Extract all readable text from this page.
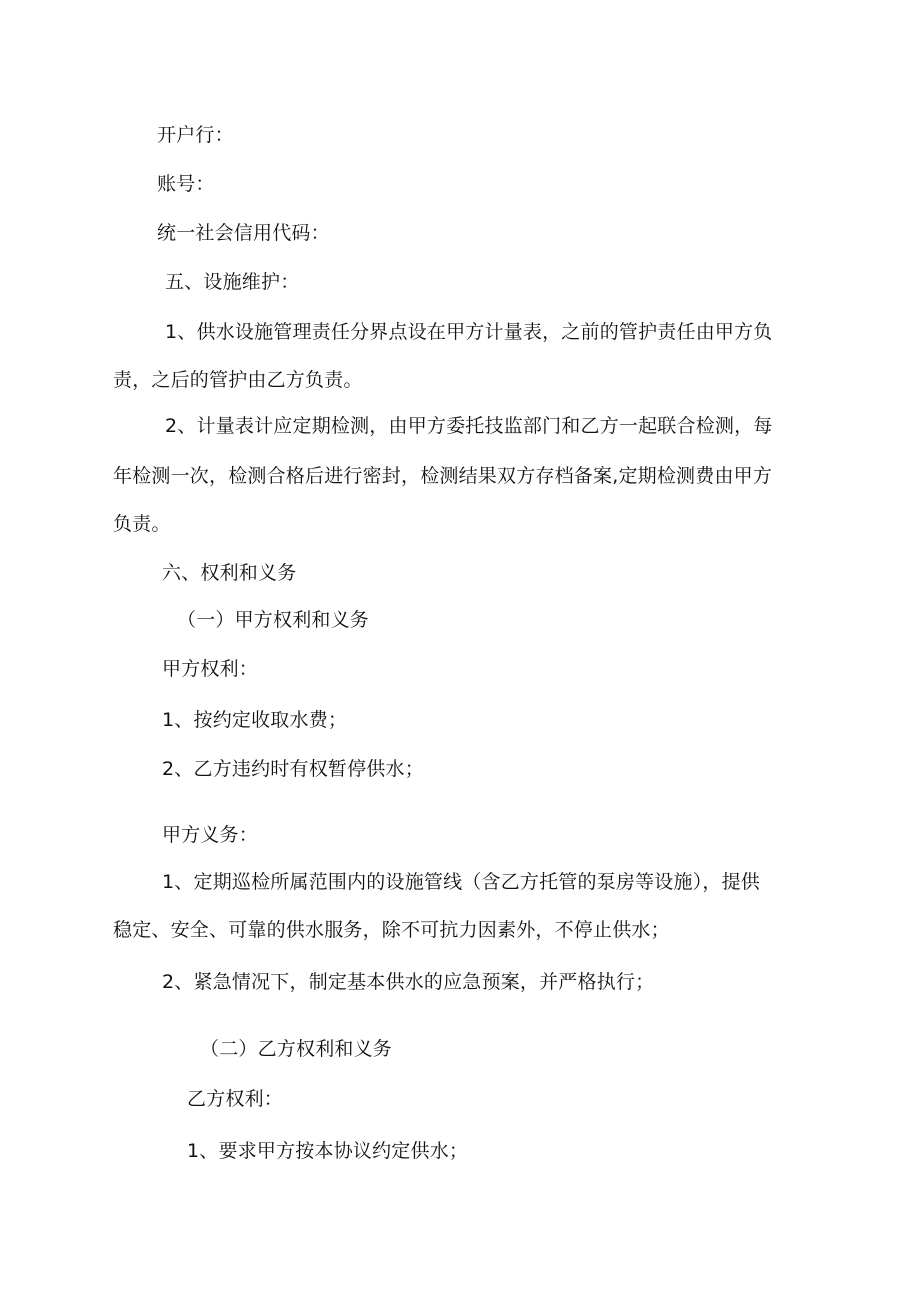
开户行：
账号：
统一社会信用代码：
五、设施维护：
1、供水设施管理责任分界点设在甲方计量表，之前的管护责任由甲方负
责，之后的管护由乙方负责。
2、计量表计应定期检测，由甲方委托技监部门和乙方一起联合检测，每
年检测一次，检测合格后进行密封，检测结果双方存档备案,定期检测费由甲方
负责。
六、权利和义务
（一）甲方权利和义务
甲方权利：
1、按约定收取水费；
2、乙方违约时有权暂停供水；
甲方义务：
1、定期巡检所属范围内的设施管线（含乙方托管的泵房等设施），提供
稳定、安全、可靠的供水服务，除不可抗力因素外，不停止供水；
2、紧急情况下，制定基本供水的应急预案，并严格执行；
（二）乙方权利和义务
乙方权利：
1、要求甲方按本协议约定供水；
